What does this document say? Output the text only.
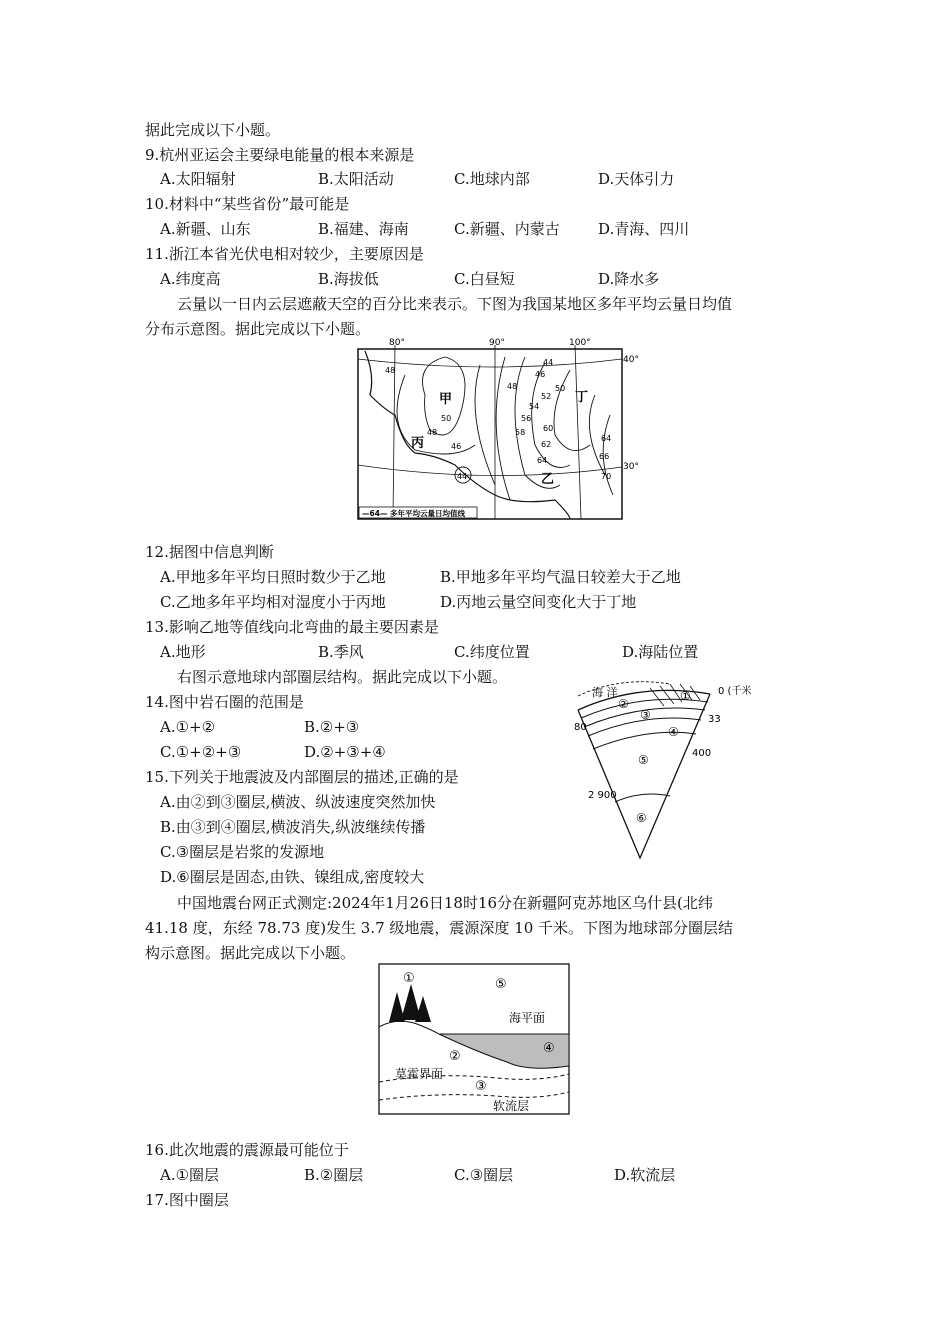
据此完成以下小题。
9.杭州亚运会主要绿电能量的根本来源是
A.太阳辐射	B.太阳活动	C.地球内部	D.天体引力
10.材料中“某些省份”最可能是
A.新疆、山东	B.福建、海南	C.新疆、内蒙古	D.青海、四川
11.浙江本省光伏电相对较少，主要原因是
A.纬度高	B.海拔低	C.白昼短	D.降水多
云量以一日内云层遮蔽天空的百分比来表示。下图为我国某地区多年平均云量日均值
分布示意图。据此完成以下小题。
80°	90°	100°
40°
30°
甲
乙
丙
丁
48
44
46
48	50
52
54
56
58 60
62
64
50
48
46
44
64
66
70
—64— 多年平均云量日均值线
12.据图中信息判断
A.甲地多年平均日照时数少于乙地	B.甲地多年平均气温日较差大于乙地
C.乙地多年平均相对湿度小于丙地	D.丙地云量空间变化大于丁地
13.影响乙地等值线向北弯曲的最主要因素是
A.地形	B.季风	C.纬度位置	D.海陆位置
右图示意地球内部圈层结构。据此完成以下小题。
14.图中岩石圈的范围是
A.①+②	B.②+③
C.①+②+③	D.②+③+④
15.下列关于地震波及内部圈层的描述,正确的是
A.由②到③圈层,横波、纵波速度突然加快
B.由③到④圈层,横波消失,纵波继续传播
C.③圈层是岩浆的发源地
D.⑥圈层是固态,由铁、镍组成,密度较大
海 洋	①
②
③
④
⑤
⑥
0 (千米
33
80
400
2 900
中国地震台网正式测定:2024年1月26日18时16分在新疆阿克苏地区乌什县(北纬
41.18 度，东经 78.73 度)发生 3.7 级地震，震源深度 10 千米。下图为地球部分圈层结
构示意图。据此完成以下小题。
①	⑤
②
④
③
海平面
莫霍界面
软流层
16.此次地震的震源最可能位于
A.①圈层	B.②圈层	C.③圈层	D.软流层
17.图中圈层
